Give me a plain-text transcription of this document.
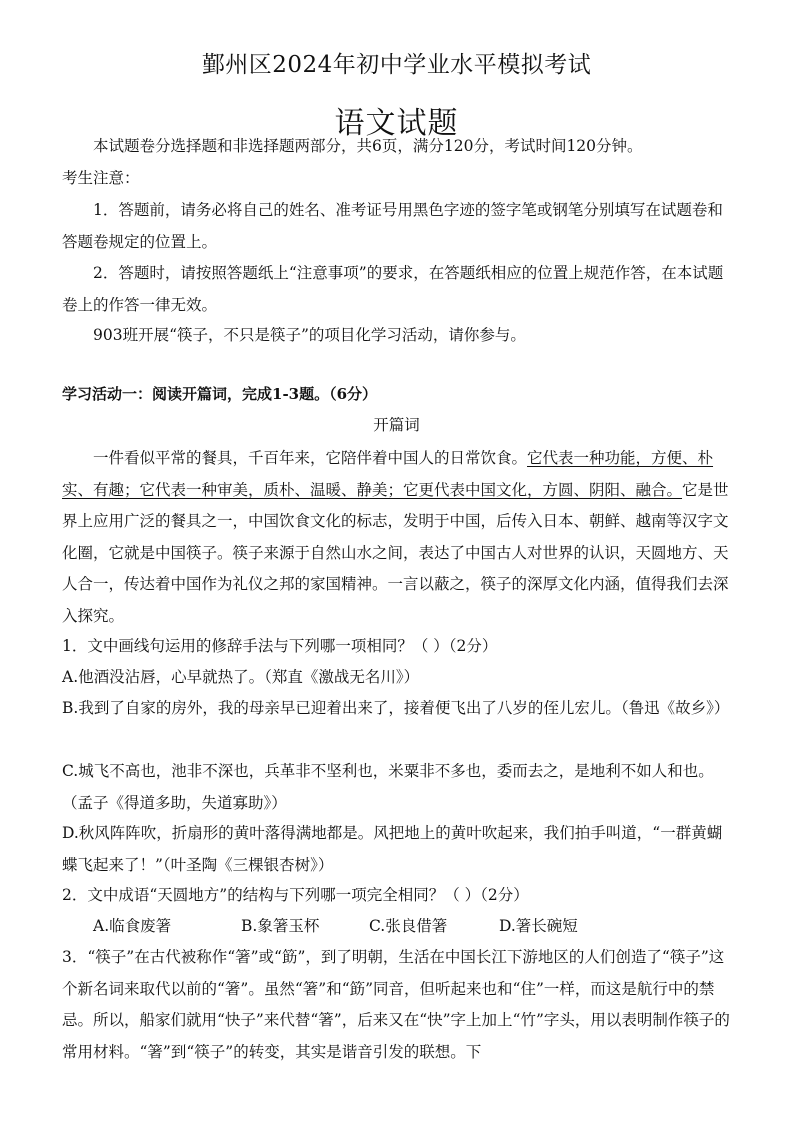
鄞州区2024年初中学业水平模拟考试
语文试题

本试题卷分选择题和非选择题两部分，共6页，满分120分，考试时间120分钟。

考生注意：

1．答题前，请务必将自己的姓名、准考证号用黑色字迹的签字笔或钢笔分别填写在试题卷和答题卷规定的位置上。

2．答题时，请按照答题纸上“注意事项”的要求，在答题纸相应的位置上规范作答，在本试题卷上的作答一律无效。

903班开展“筷子，不只是筷子”的项目化学习活动，请你参与。

学习活动一：阅读开篇词，完成1-3题。（6分）

开篇词

一件看似平常的餐具，千百年来，它陪伴着中国人的日常饮食。它代表一种功能，方便、朴实、有趣；它代表一种审美，质朴、温暖、静美；它更代表中国文化，方圆、阴阳、融合。它是世界上应用广泛的餐具之一，中国饮食文化的标志，发明于中国，后传入日本、朝鲜、越南等汉字文化圈，它就是中国筷子。筷子来源于自然山水之间，表达了中国古人对世界的认识，天圆地方、天人合一，传达着中国作为礼仪之邦的家国精神。一言以蔽之，筷子的深厚文化内涵，值得我们去深入探究。

1．文中画线句运用的修辞手法与下列哪一项相同？（ ）（2分）

A.他酒没沾唇，心早就热了。（郑直《激战无名川》）

B.我到了自家的房外，我的母亲早已迎着出来了，接着便飞出了八岁的侄儿宏儿。（鲁迅《故乡》）

C.城飞不高也，池非不深也，兵革非不坚利也，米粟非不多也，委而去之，是地利不如人和也。（孟子《得道多助，失道寡助》）

D.秋风阵阵吹，折扇形的黄叶落得满地都是。风把地上的黄叶吹起来，我们拍手叫道，“一群黄蝴蝶飞起来了！”（叶圣陶《三棵银杏树》）

2．文中成语“天圆地方”的结构与下列哪一项完全相同？（ ）（2分）

A.临食废箸	B.象箸玉杯	C.张良借箸	D.箸长碗短

3．“筷子”在古代被称作“箸”或“筯”，到了明朝，生活在中国长江下游地区的人们创造了“筷子”这个新名词来取代以前的“箸”。虽然“箸”和“筯”同音，但听起来也和“住”一样，而这是航行中的禁忌。所以，船家们就用“快子”来代替“箸”，后来又在“快”字上加上“竹”字头，用以表明制作筷子的常用材料。“箸”到“筷子”的转变，其实是谐音引发的联想。下
